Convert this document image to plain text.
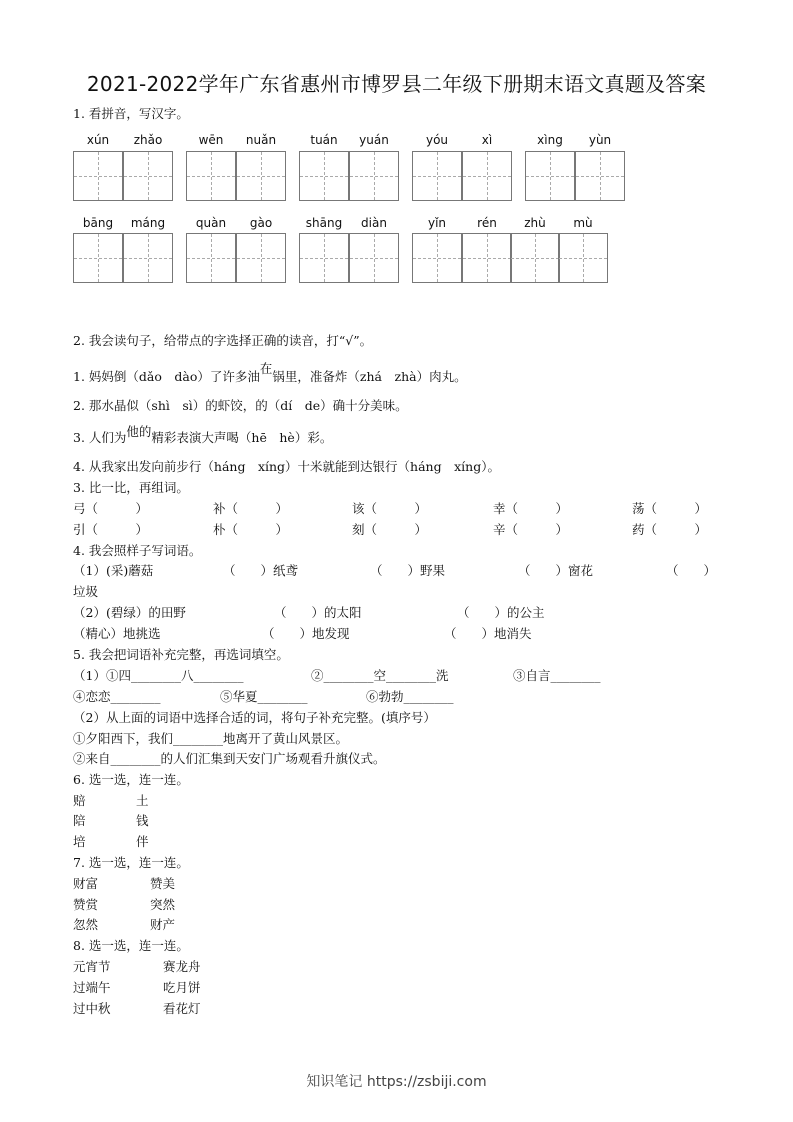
2021-2022学年广东省惠州市博罗县二年级下册期末语文真题及答案
1. 看拼音，写汉字。
xún	zhǎo	wēn	nuǎn	tuán	yuán	yóu	xì	xìng	yùn
bāng	máng	quàn	gào	shāng	diàn	yǐn	rén	zhù	mù
2. 我会读句子，给带点的字选择正确的读音，打“√”。
1. 妈妈倒（dǎo　dào）了许多油在锅里，准备炸（zhá　zhà）肉丸。
2. 那水晶似（shì　sì）的虾饺，的（dí　de）确十分美味。
3. 人们为他的精彩表演大声喝（hē　hè）彩。
4. 从我家出发向前步行（háng　xíng）十米就能到达银行（háng　xíng）。
3. 比一比，再组词。
弓（　　　）	补（　　　）	该（　　　）	幸（　　　）	荡（　　　）
引（　　　）	朴（　　　）	刻（　　　）	辛（　　　）	药（　　　）
4. 我会照样子写词语。
（1）(采)蘑菇	（　　）纸鸢	（　　）野果	（　　）窗花	（　　）
垃圾
（2）(碧绿）的田野	（　　）的太阳	（　　）的公主
（精心）地挑选	（　　）地发现	（　　）地消失
5. 我会把词语补充完整，再选词填空。
（1）①四________八________	②________空________洗	③自言________
④恋恋________	⑤华夏________	⑥勃勃________
（2）从上面的词语中选择合适的词，将句子补充完整。(填序号）
①夕阳西下，我们________地离开了黄山风景区。
②来自________的人们汇集到天安门广场观看升旗仪式。
6. 选一选，连一连。
赔	土
陪	钱
培	伴
7. 选一选，连一连。
财富	赞美
赞赏	突然
忽然	财产
8. 选一选，连一连。
元宵节	赛龙舟
过端午	吃月饼
过中秋	看花灯
知识笔记 https://zsbiji.com
